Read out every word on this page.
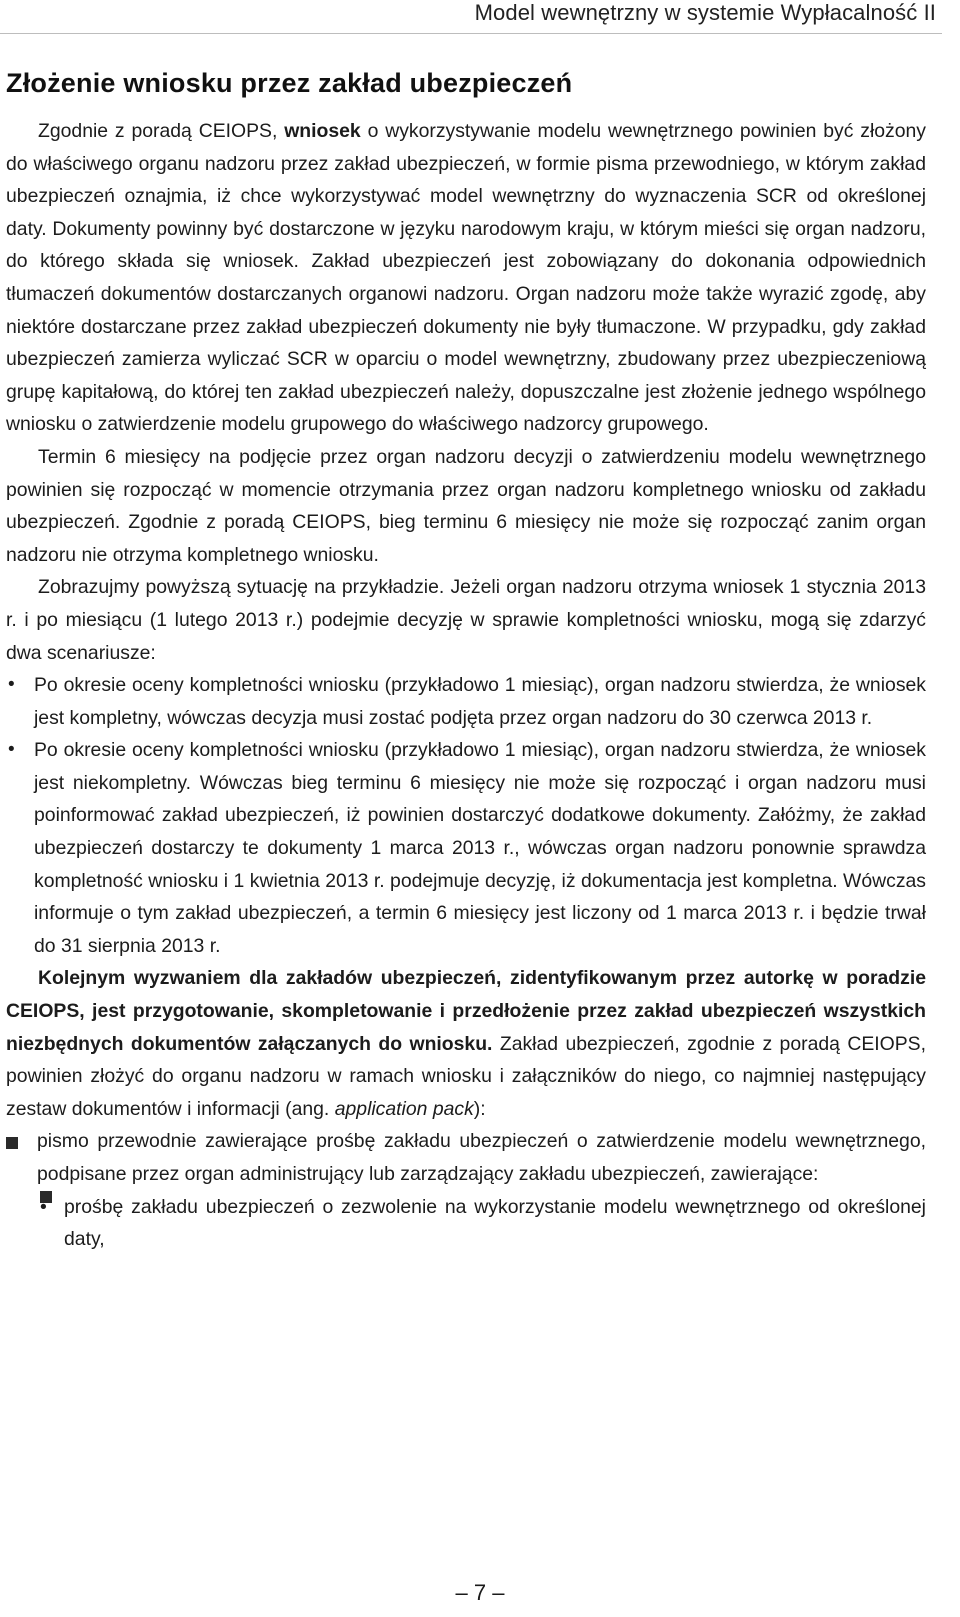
Model wewnętrzny w systemie Wypłacalność II
Złożenie wniosku przez zakład ubezpieczeń

Zgodnie z poradą CEIOPS, wniosek o wykorzystywanie modelu wewnętrznego powinien być złożony do właściwego organu nadzoru przez zakład ubezpieczeń, w formie pisma przewodniego, w którym zakład ubezpieczeń oznajmia, iż chce wykorzystywać model wewnętrzny do wyznaczenia SCR od określonej daty. Dokumenty powinny być dostarczone w języku narodowym kraju, w którym mieści się organ nadzoru, do którego składa się wniosek. Zakład ubezpieczeń jest zobowiązany do dokonania odpowiednich tłumaczeń dokumentów dostarczanych organowi nadzoru. Organ nadzoru może także wyrazić zgodę, aby niektóre dostarczane przez zakład ubezpieczeń dokumenty nie były tłumaczone. W przypadku, gdy zakład ubezpieczeń zamierza wyliczać SCR w oparciu o model wewnętrzny, zbudowany przez ubezpieczeniową grupę kapitałową, do której ten zakład ubezpieczeń należy, dopuszczalne jest złożenie jednego wspólnego wniosku o zatwierdzenie modelu grupowego do właściwego nadzorcy grupowego.

Termin 6 miesięcy na podjęcie przez organ nadzoru decyzji o zatwierdzeniu modelu wewnętrznego powinien się rozpocząć w momencie otrzymania przez organ nadzoru kompletnego wniosku od zakładu ubezpieczeń. Zgodnie z poradą CEIOPS, bieg terminu 6 miesięcy nie może się rozpocząć zanim organ nadzoru nie otrzyma kompletnego wniosku.

Zobrazujmy powyższą sytuację na przykładzie. Jeżeli organ nadzoru otrzyma wniosek 1 stycznia 2013 r. i po miesiącu (1 lutego 2013 r.) podejmie decyzję w sprawie kompletności wniosku, mogą się zdarzyć dwa scenariusze:

• Po okresie oceny kompletności wniosku (przykładowo 1 miesiąc), organ nadzoru stwierdza, że wniosek jest kompletny, wówczas decyzja musi zostać podjęta przez organ nadzoru do 30 czerwca 2013 r.
• Po okresie oceny kompletności wniosku (przykładowo 1 miesiąc), organ nadzoru stwierdza, że wniosek jest niekompletny. Wówczas bieg terminu 6 miesięcy nie może się rozpocząć i organ nadzoru musi poinformować zakład ubezpieczeń, iż powinien dostarczyć dodatkowe dokumenty. Załóżmy, że zakład ubezpieczeń dostarczy te dokumenty 1 marca 2013 r., wówczas organ nadzoru ponownie sprawdza kompletność wniosku i 1 kwietnia 2013 r. podejmuje decyzję, iż dokumentacja jest kompletna. Wówczas informuje o tym zakład ubezpieczeń, a termin 6 miesięcy jest liczony od 1 marca 2013 r. i będzie trwał do 31 sierpnia 2013 r.

Kolejnym wyzwaniem dla zakładów ubezpieczeń, zidentyfikowanym przez autorkę w poradzie CEIOPS, jest przygotowanie, skompletowanie i przedłożenie przez zakład ubezpieczeń wszystkich niezbędnych dokumentów załączanych do wniosku. Zakład ubezpieczeń, zgodnie z poradą CEIOPS, powinien złożyć do organu nadzoru w ramach wniosku i załączników do niego, co najmniej następujący zestaw dokumentów i informacji (ang. application pack):

pismo przewodnie zawierające prośbę zakładu ubezpieczeń o zatwierdzenie modelu wewnętrznego, podpisane przez organ administrujący lub zarządzający zakładu ubezpieczeń, zawierające:
• prośbę zakładu ubezpieczeń o zezwolenie na wykorzystanie modelu wewnętrznego od określonej daty,
– 7 –
